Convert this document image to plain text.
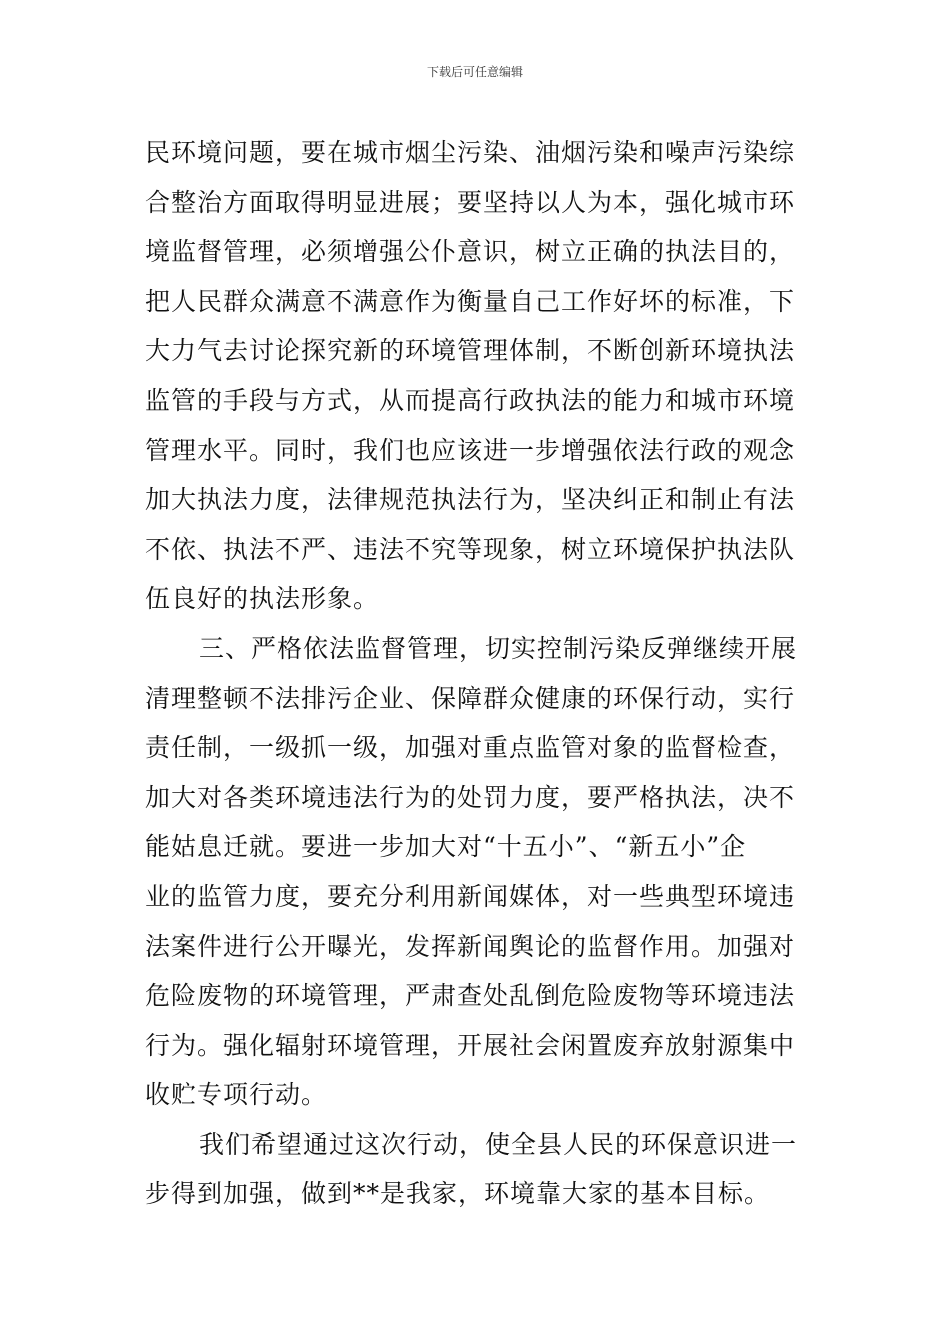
下载后可任意编辑
民环境问题，要在城市烟尘污染、油烟污染和噪声污染综
合整治方面取得明显进展；要坚持以人为本，强化城市环
境监督管理，必须增强公仆意识，树立正确的执法目的，
把人民群众满意不满意作为衡量自己工作好坏的标准，下
大力气去讨论探究新的环境管理体制，不断创新环境执法
监管的手段与方式，从而提高行政执法的能力和城市环境
管理水平。同时，我们也应该进一步增强依法行政的观念
加大执法力度，法律规范执法行为，坚决纠正和制止有法
不依、执法不严、违法不究等现象，树立环境保护执法队
伍良好的执法形象。
三、严格依法监督管理，切实控制污染反弹继续开展
清理整顿不法排污企业、保障群众健康的环保行动，实行
责任制，一级抓一级，加强对重点监管对象的监督检查，
加大对各类环境违法行为的处罚力度，要严格执法，决不
能姑息迁就。要进一步加大对“十五小”、“新五小”企
业的监管力度，要充分利用新闻媒体，对一些典型环境违
法案件进行公开曝光，发挥新闻舆论的监督作用。加强对
危险废物的环境管理，严肃查处乱倒危险废物等环境违法
行为。强化辐射环境管理，开展社会闲置废弃放射源集中
收贮专项行动。
我们希望通过这次行动，使全县人民的环保意识进一
步得到加强，做到**是我家，环境靠大家的基本目标。
